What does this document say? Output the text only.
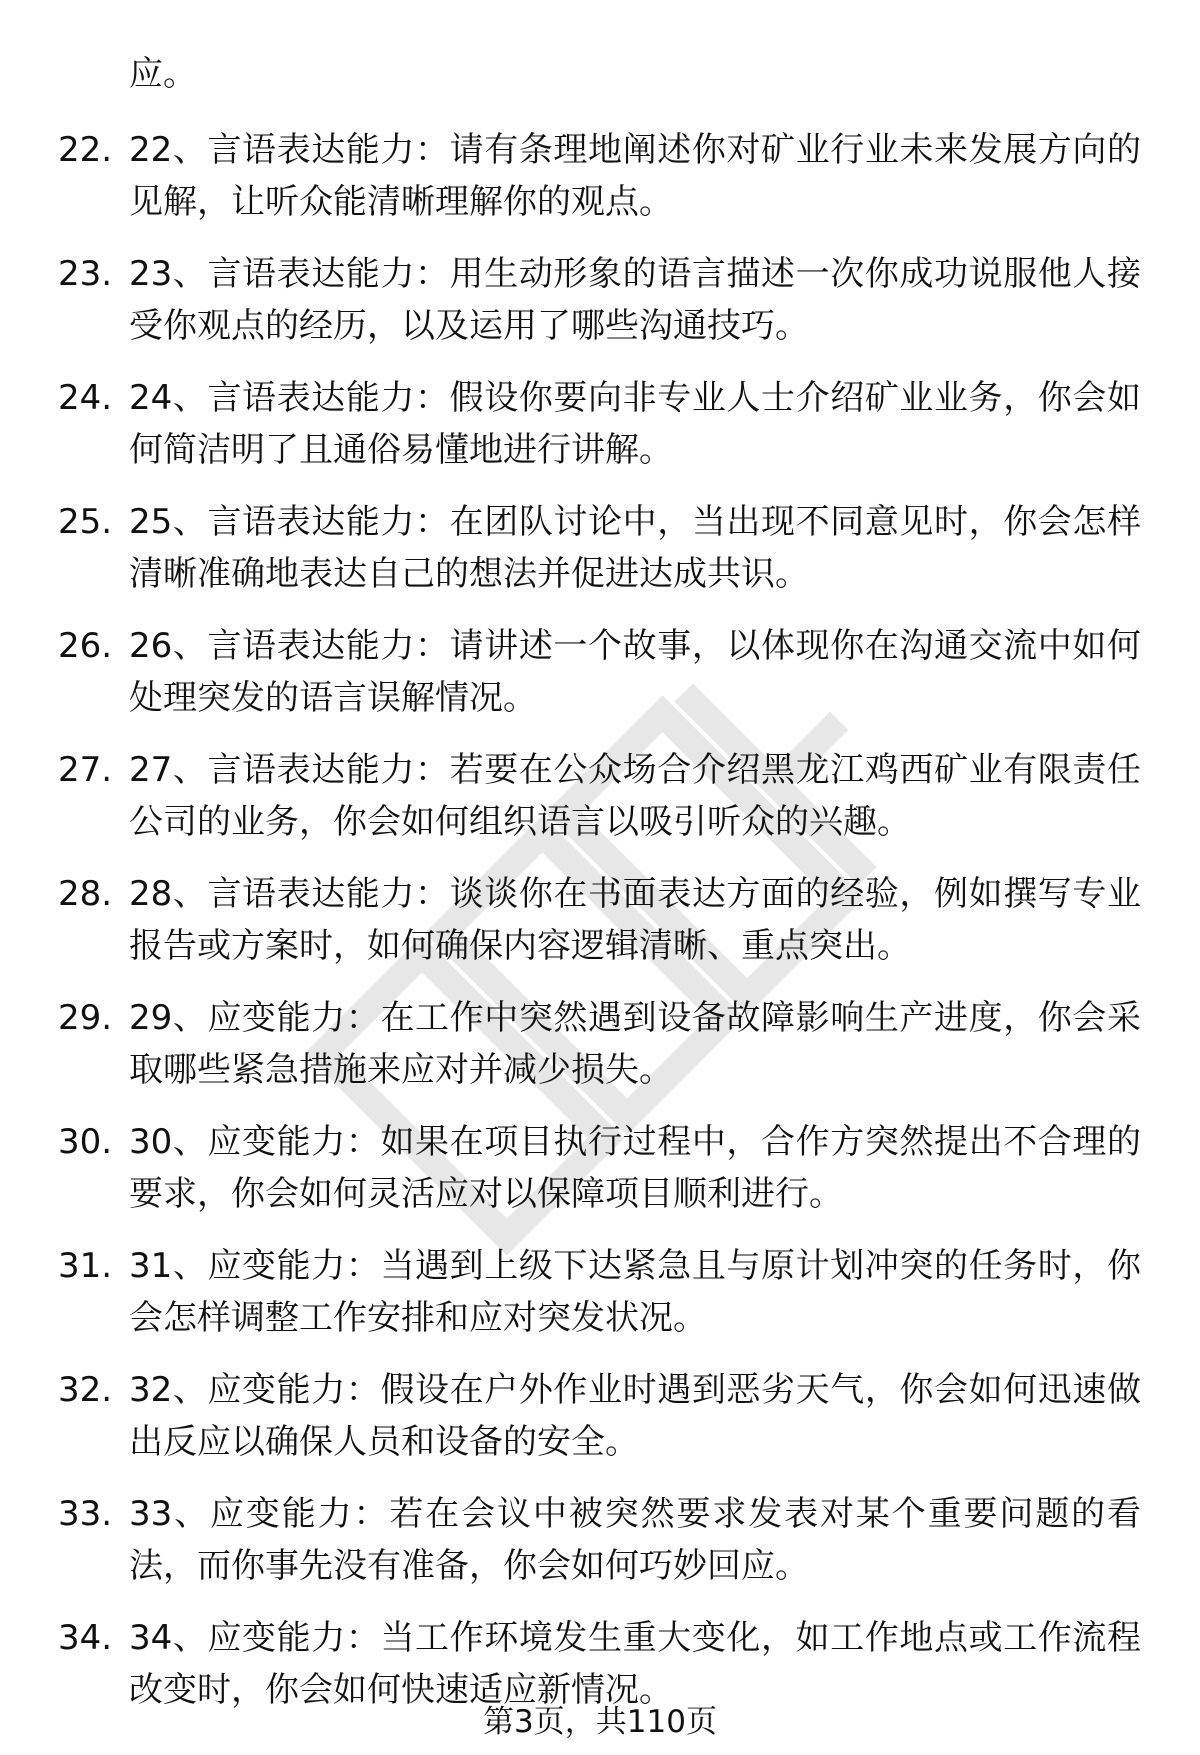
应。
22. 22、言语表达能力：请有条理地阐述你对矿业行业未来发展方向的见解，让听众能清晰理解你的观点。
23. 23、言语表达能力：用生动形象的语言描述一次你成功说服他人接受你观点的经历，以及运用了哪些沟通技巧。
24. 24、言语表达能力：假设你要向非专业人士介绍矿业业务，你会如何简洁明了且通俗易懂地进行讲解。
25. 25、言语表达能力：在团队讨论中，当出现不同意见时，你会怎样清晰准确地表达自己的想法并促进达成共识。
26. 26、言语表达能力：请讲述一个故事，以体现你在沟通交流中如何处理突发的语言误解情况。
27. 27、言语表达能力：若要在公众场合介绍黑龙江鸡西矿业有限责任公司的业务，你会如何组织语言以吸引听众的兴趣。
28. 28、言语表达能力：谈谈你在书面表达方面的经验，例如撰写专业报告或方案时，如何确保内容逻辑清晰、重点突出。
29. 29、应变能力：在工作中突然遇到设备故障影响生产进度，你会采取哪些紧急措施来应对并减少损失。
30. 30、应变能力：如果在项目执行过程中，合作方突然提出不合理的要求，你会如何灵活应对以保障项目顺利进行。
31. 31、应变能力：当遇到上级下达紧急且与原计划冲突的任务时，你会怎样调整工作安排和应对突发状况。
32. 32、应变能力：假设在户外作业时遇到恶劣天气，你会如何迅速做出反应以确保人员和设备的安全。
33. 33、应变能力：若在会议中被突然要求发表对某个重要问题的看法，而你事先没有准备，你会如何巧妙回应。
34. 34、应变能力：当工作环境发生重大变化，如工作地点或工作流程改变时，你会如何快速适应新情况。
第3页，共110页
